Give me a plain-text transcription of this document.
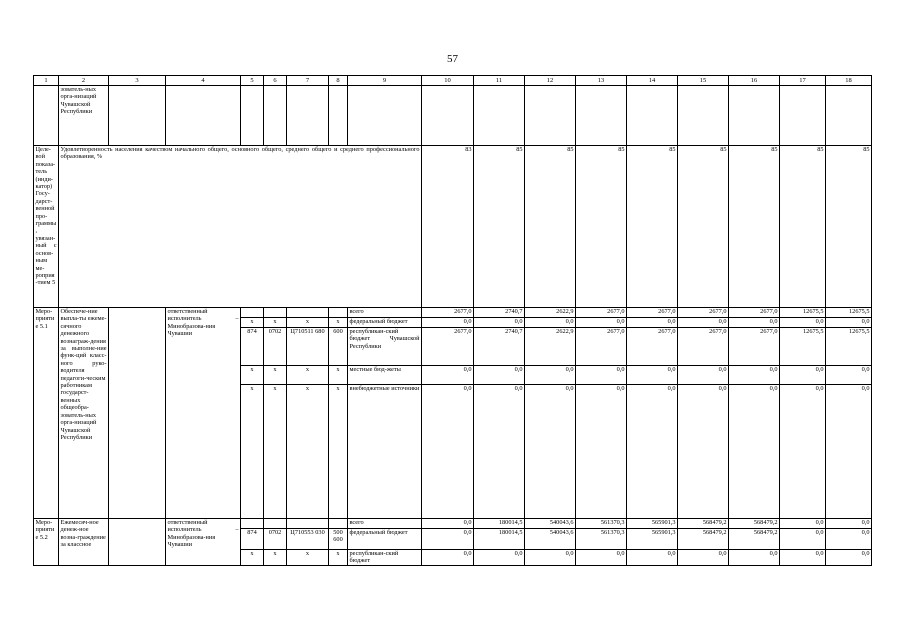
57
1	2	3	4	5	6	7	8	9	10	11	12	13	14	15	16	17	18
	зователь-ных орга-низаций Чувашской Республики																
Целе-вой показа-тель (инди-катор) Госу-дарст-венной про-граммы, увязан-ный с основ-ным ме-роприя-тием 5	Удовлетворенность населения качеством начального общего, основного общего, среднего общего и среднего профессионального образования, %								83	85	85	85	85	85	85	85	85
Меро-приятие 5.1	Обеспече-ние выпла-ты ежеме-сячного денежного вознаграж-дения за выполне-ние функ-ций класс-ного руко-водителя педагоги-ческим работникам государст-венных общеобра-зователь-ных орга-низаций Чувашской Республики		ответственный исполнитель – Минобразова-ния Чувашии					всего	2677,0	2740,7	2622,9	2677,0	2677,0	2677,0	2677,0	12675,5	12675,5
				x	x	x	x	федеральный бюджет	0,0	0,0	0,0	0,0	0,0	0,0	0,0	0,0	0,0
				874	0702	Ц710511 680	600	республикан-ский бюджет Чувашской Республики	2677,0	2740,7	2622,9	2677,0	2677,0	2677,0	2677,0	12675,5	12675,5
				x	x	x	x	местные бюд-жеты	0,0	0,0	0,0	0,0	0,0	0,0	0,0	0,0	0,0
				x	x	x	x	внебюджетные источники	0,0	0,0	0,0	0,0	0,0	0,0	0,0	0,0	0,0
Меро-приятие 5.2	Ежемесяч-ное денеж-ное возна-граждение за классное		ответственный исполнитель – Минобразова-ния Чувашии					всего	0,0	180014,5	540043,6	561370,3	565901,3	568479,2	568479,2	0,0	0,0
				874	0702	Ц710553 030	500 600	федеральный бюджет	0,0	180014,5	540043,6	561370,3	565901,3	568479,2	568479,2	0,0	0,0
				x	x	x	x	республикан-ский бюджет	0,0	0,0	0,0	0,0	0,0	0,0	0,0	0,0	0,0
